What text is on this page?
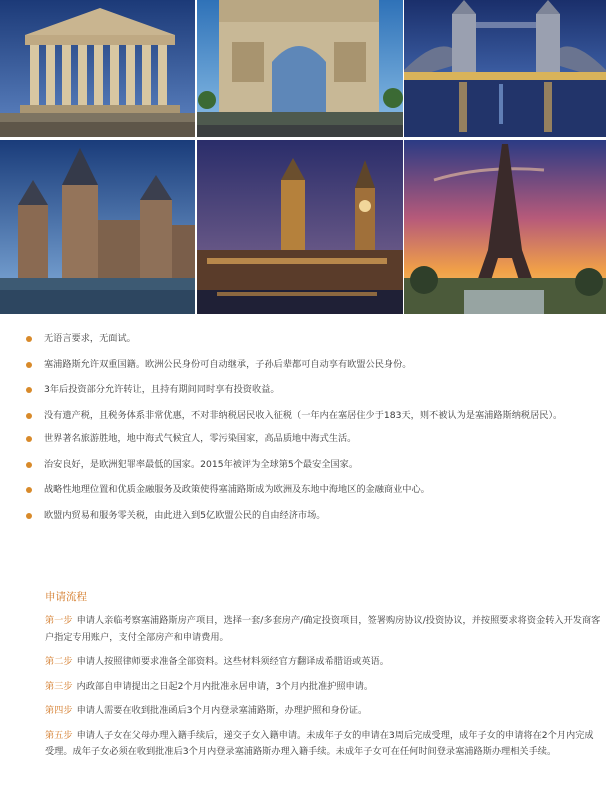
无语言要求，无面试。
塞浦路斯允许双重国籍。欧洲公民身份可自动继承，子孙后辈都可自动享有欧盟公民身份。
3年后投资部分允许转让，且持有期间同时享有投资收益。
没有遗产税，且税务体系非常优惠，不对非纳税居民收入征税（一年内在塞居住少于183天，则不被认为是塞浦路斯纳税居民）。
世界著名旅游胜地，地中海式气候宜人，零污染国家，高品质地中海式生活。
治安良好，是欧洲犯罪率最低的国家。2015年被评为全球第5个最安全国家。
战略性地理位置和优质金融服务及政策使得塞浦路斯成为欧洲及东地中海地区的金融商业中心。
欧盟内贸易和服务零关税，由此进入到5亿欧盟公民的自由经济市场。
申请流程
第一步 申请人亲临考察塞浦路斯房产项目，选择一套/多套房产/确定投资项目，签署购房协议/投资协议，并按照要求将资金转入开发商客户指定专用账户，支付全部房产和申请费用。
第二步 申请人按照律师要求准备全部资料。这些材料须经官方翻译成希腊语或英语。
第三步 内政部自申请提出之日起2个月内批准永居申请，3个月内批准护照申请。
第四步 申请人需要在收到批准函后3个月内登录塞浦路斯，办理护照和身份证。
第五步 申请人子女在父母办理入籍手续后，递交子女入籍申请。未成年子女的申请在3周后完成受理，成年子女的申请将在2个月内完成受理。成年子女必须在收到批准后3个月内登录塞浦路斯办理入籍手续。未成年子女可在任何时间登录塞浦路斯办理相关手续。
